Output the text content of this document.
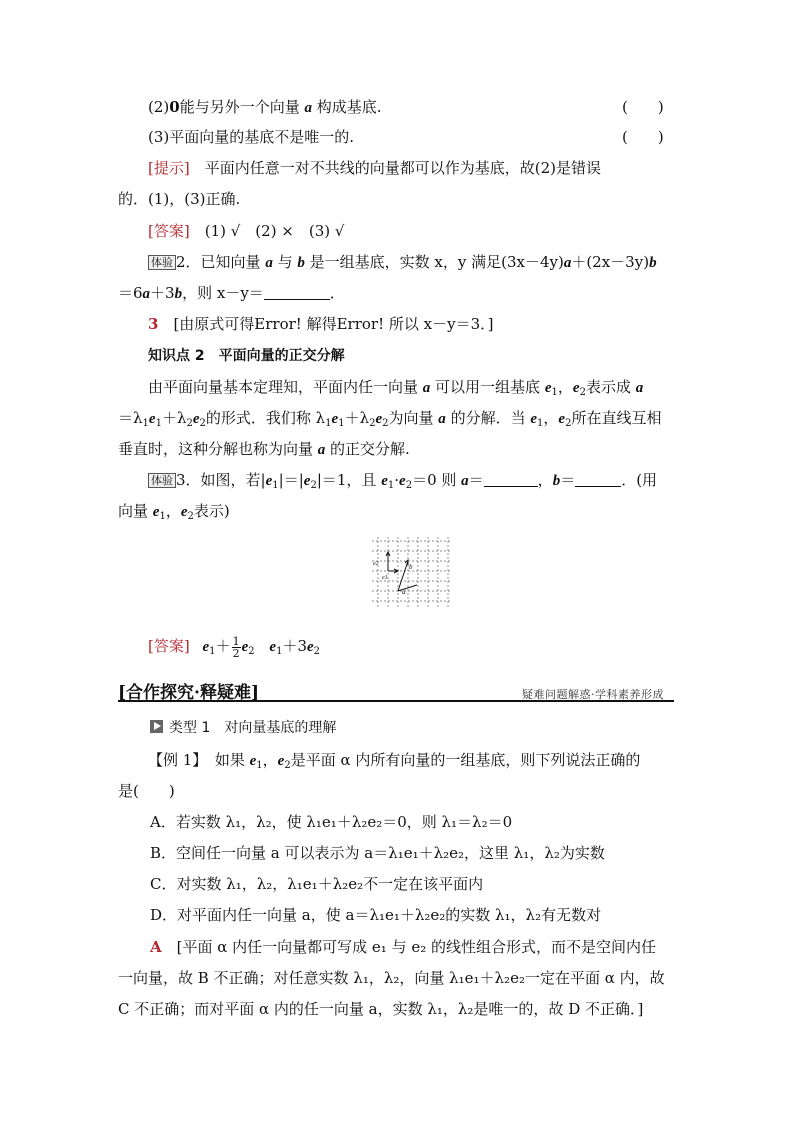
(2)0能与另外一个向量 a 构成基底.	(　　)
(3)平面向量的基底不是唯一的.	(　　)
[提示]　平面内任意一对不共线的向量都可以作为基底，故(2)是错误
的．(1)，(3)正确.
[答案]　(1) √　(2) ×　(3) √
体验 2．已知向量 a 与 b 是一组基底，实数 x，y 满足(3x－4y)a＋(2x－3y)b
＝6a＋3b，则 x－y＝	．
3　[由原式可得Error! 解得Error! 所以 x－y＝3．]
知识点 2　平面向量的正交分解
由平面向量基本定理知，平面内任一向量 a 可以用一组基底 $e_1$，$e_2$表示成 a
$=\lambda_1e_1+\lambda_2e_2$的形式．我们称 $\lambda_1e_1+\lambda_2e_2$为向量 a 的分解．当 $e_1$，$e_2$所在直线互相
垂直时，这种分解也称为向量 a 的正交分解.
体验 3．如图，若$|e_1|=|e_2|=1$，且 $e_1\cdot e_2=0$ 则 a＝	，b＝	．(用
向量 $e_1$，$e_2$表示)
e2
e1
b
a
[答案] $e_1+ \frac{1}{2} e_2$ $e_1+3e_2$
[合作探究·释疑难]	疑难问题解惑·学科素养形成
类型 1　对向量基底的理解
【例 1】　如果 $e_1$，$e_2$是平面 α 内所有向量的一组基底，则下列说法正确的
是(　　)
A．若实数 λ₁，λ₂，使 λ₁e₁＋λ₂e₂＝0，则 λ₁＝λ₂＝0
B．空间任一向量 a 可以表示为 a＝λ₁e₁＋λ₂e₂，这里 λ₁，λ₂为实数
C．对实数 λ₁，λ₂，λ₁e₁＋λ₂e₂不一定在该平面内
D．对平面内任一向量 a，使 a＝λ₁e₁＋λ₂e₂的实数 λ₁，λ₂有无数对
A　[平面 α 内任一向量都可写成 e₁ 与 e₂ 的线性组合形式，而不是空间内任
一向量，故 B 不正确；对任意实数 λ₁，λ₂，向量 λ₁e₁＋λ₂e₂一定在平面 α 内，故
C 不正确；而对平面 α 内的任一向量 a，实数 λ₁，λ₂是唯一的，故 D 不正确．]
